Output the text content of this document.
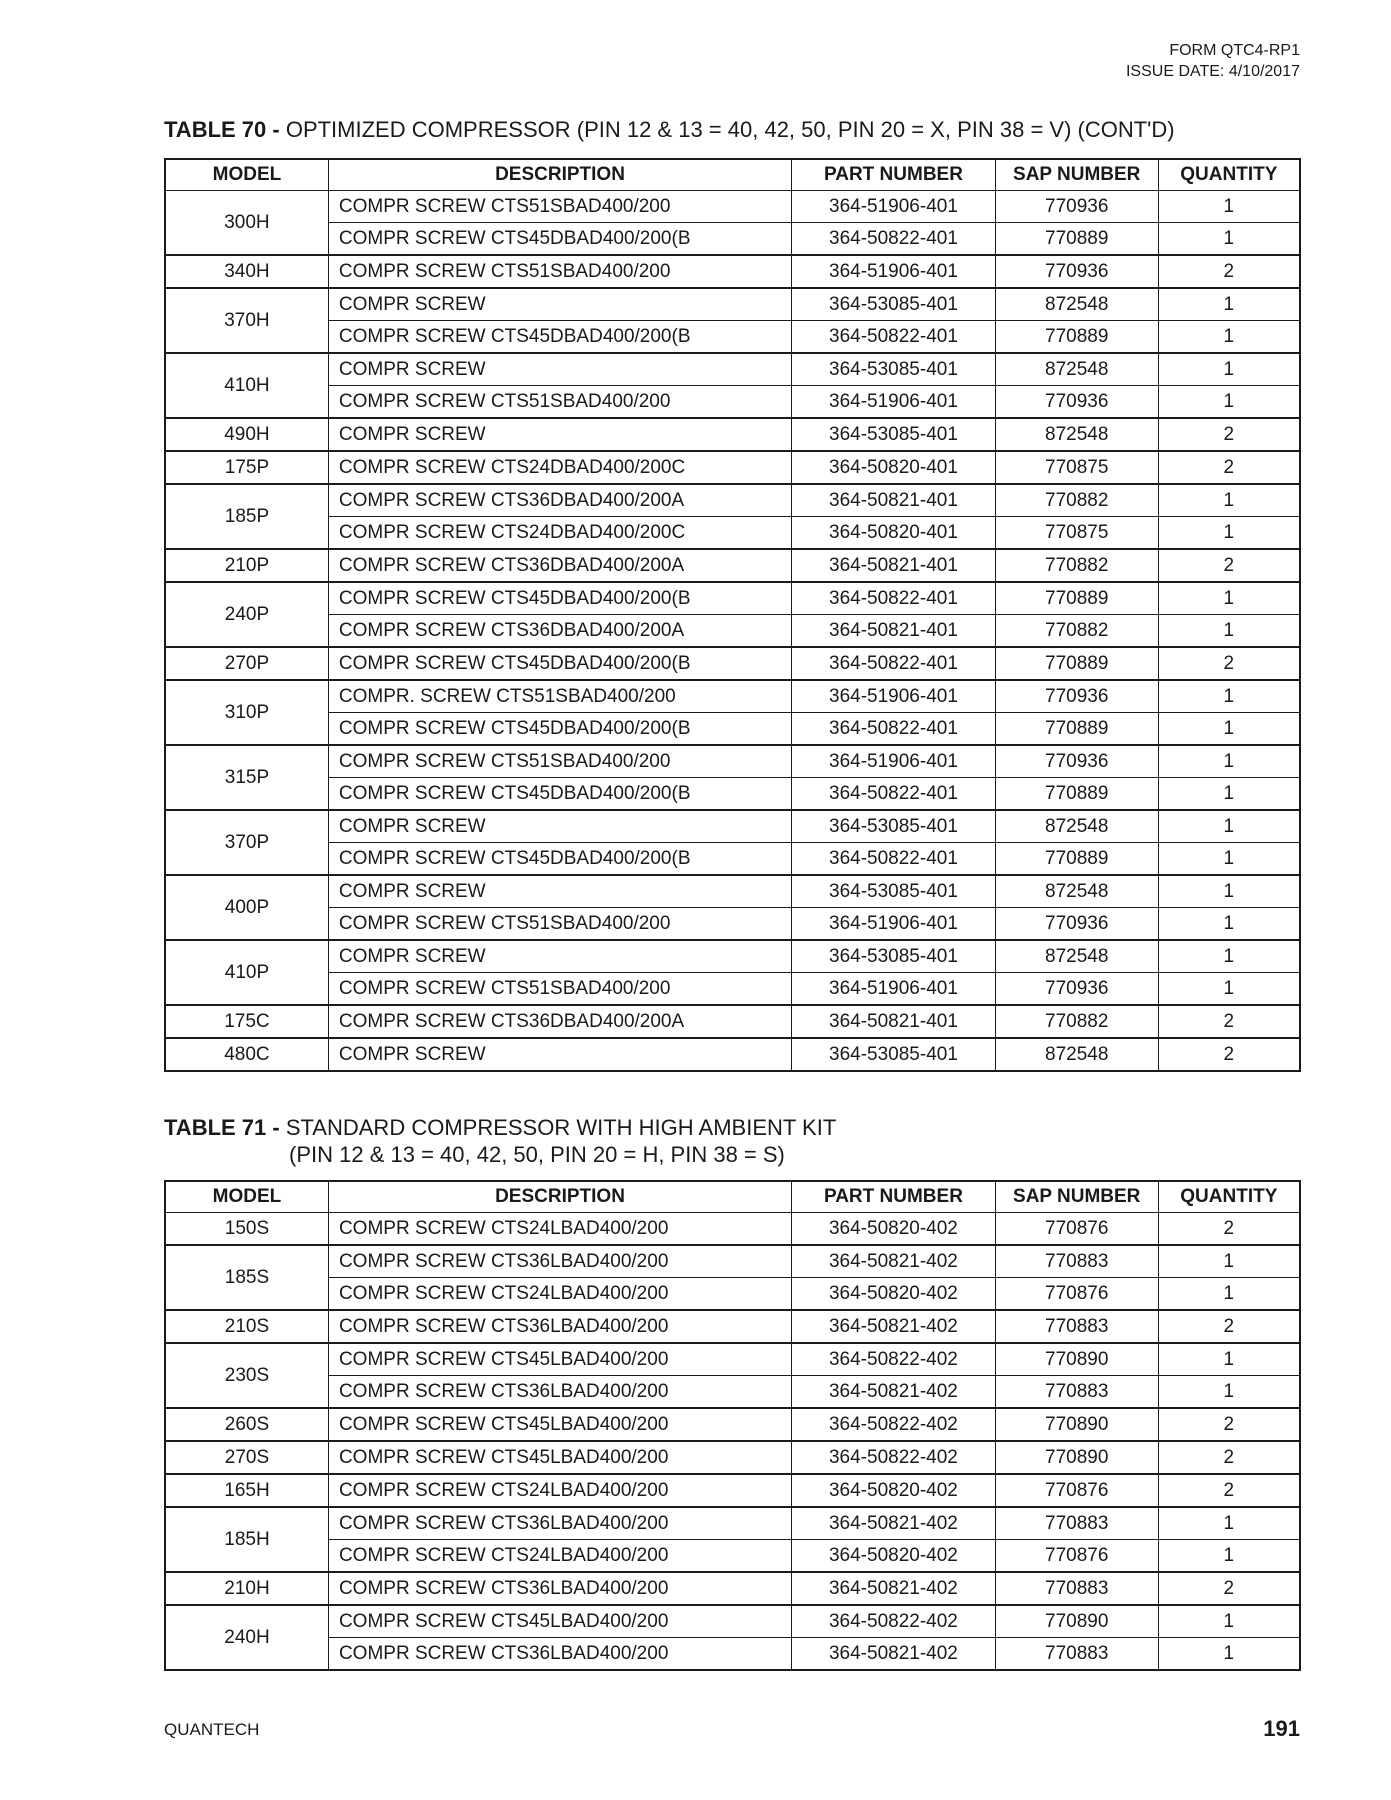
FORM QTC4-RP1
ISSUE DATE: 4/10/2017
TABLE 70 - OPTIMIZED COMPRESSOR (PIN 12 & 13 = 40, 42, 50, PIN 20 = X, PIN 38 = V) (CONT'D)
MODEL	DESCRIPTION	PART NUMBER	SAP NUMBER	QUANTITY
300H	COMPR SCREW CTS51SBAD400/200	364-51906-401	770936	1
	COMPR SCREW CTS45DBAD400/200(B	364-50822-401	770889	1
340H	COMPR SCREW CTS51SBAD400/200	364-51906-401	770936	2
370H	COMPR SCREW	364-53085-401	872548	1
	COMPR SCREW CTS45DBAD400/200(B	364-50822-401	770889	1
410H	COMPR SCREW	364-53085-401	872548	1
	COMPR SCREW CTS51SBAD400/200	364-51906-401	770936	1
490H	COMPR SCREW	364-53085-401	872548	2
175P	COMPR SCREW CTS24DBAD400/200C	364-50820-401	770875	2
185P	COMPR SCREW CTS36DBAD400/200A	364-50821-401	770882	1
	COMPR SCREW CTS24DBAD400/200C	364-50820-401	770875	1
210P	COMPR SCREW CTS36DBAD400/200A	364-50821-401	770882	2
240P	COMPR SCREW CTS45DBAD400/200(B	364-50822-401	770889	1
	COMPR SCREW CTS36DBAD400/200A	364-50821-401	770882	1
270P	COMPR SCREW CTS45DBAD400/200(B	364-50822-401	770889	2
310P	COMPR. SCREW CTS51SBAD400/200	364-51906-401	770936	1
	COMPR SCREW CTS45DBAD400/200(B	364-50822-401	770889	1
315P	COMPR SCREW CTS51SBAD400/200	364-51906-401	770936	1
	COMPR SCREW CTS45DBAD400/200(B	364-50822-401	770889	1
370P	COMPR SCREW	364-53085-401	872548	1
	COMPR SCREW CTS45DBAD400/200(B	364-50822-401	770889	1
400P	COMPR SCREW	364-53085-401	872548	1
	COMPR SCREW CTS51SBAD400/200	364-51906-401	770936	1
410P	COMPR SCREW	364-53085-401	872548	1
	COMPR SCREW CTS51SBAD400/200	364-51906-401	770936	1
175C	COMPR SCREW CTS36DBAD400/200A	364-50821-401	770882	2
480C	COMPR SCREW	364-53085-401	872548	2
TABLE 71 - STANDARD COMPRESSOR WITH HIGH AMBIENT KIT
(PIN 12 & 13 = 40, 42, 50, PIN 20 = H, PIN 38 = S)
MODEL	DESCRIPTION	PART NUMBER	SAP NUMBER	QUANTITY
150S	COMPR SCREW CTS24LBAD400/200	364-50820-402	770876	2
185S	COMPR SCREW CTS36LBAD400/200	364-50821-402	770883	1
	COMPR SCREW CTS24LBAD400/200	364-50820-402	770876	1
210S	COMPR SCREW CTS36LBAD400/200	364-50821-402	770883	2
230S	COMPR SCREW CTS45LBAD400/200	364-50822-402	770890	1
	COMPR SCREW CTS36LBAD400/200	364-50821-402	770883	1
260S	COMPR SCREW CTS45LBAD400/200	364-50822-402	770890	2
270S	COMPR SCREW CTS45LBAD400/200	364-50822-402	770890	2
165H	COMPR SCREW CTS24LBAD400/200	364-50820-402	770876	2
185H	COMPR SCREW CTS36LBAD400/200	364-50821-402	770883	1
	COMPR SCREW CTS24LBAD400/200	364-50820-402	770876	1
210H	COMPR SCREW CTS36LBAD400/200	364-50821-402	770883	2
240H	COMPR SCREW CTS45LBAD400/200	364-50822-402	770890	1
	COMPR SCREW CTS36LBAD400/200	364-50821-402	770883	1
QUANTECH	191
